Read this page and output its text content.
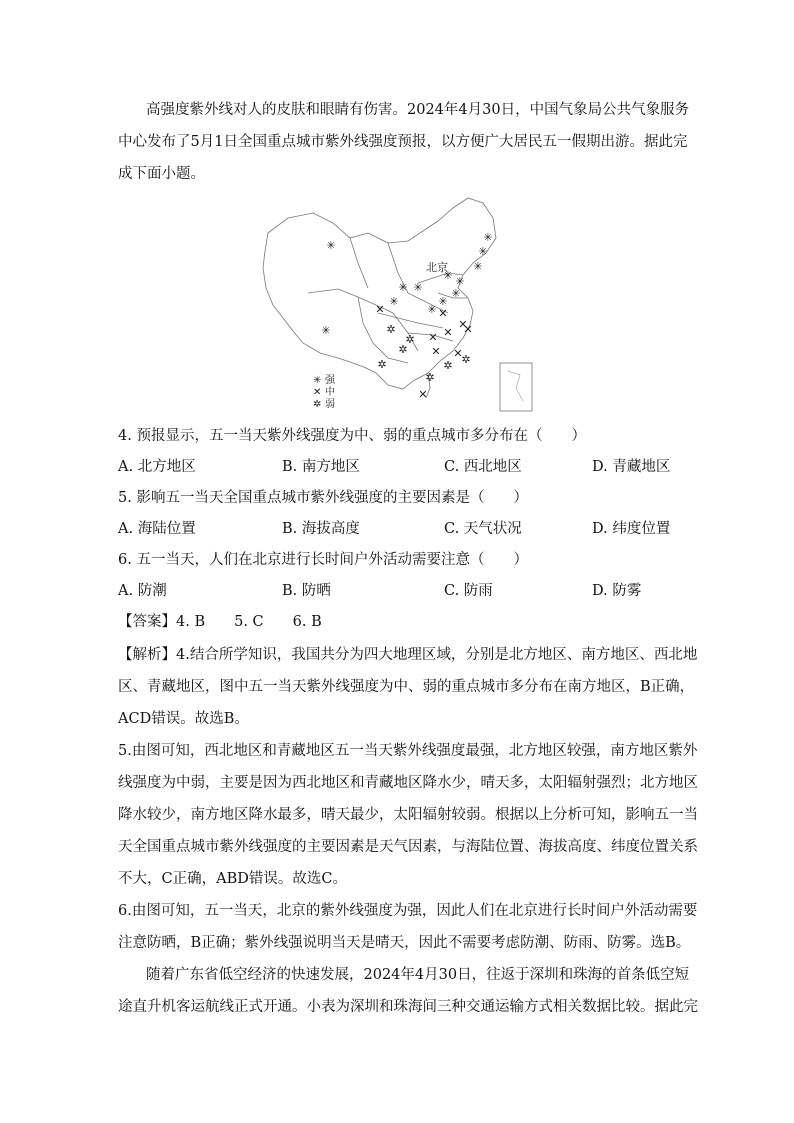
高强度紫外线对人的皮肤和眼睛有伤害。2024年4月30日，中国气象局公共气象服务
中心发布了5月1日全国重点城市紫外线强度预报，以方便广大居民五一假期出游。据此完
成下面小题。
✳
✳
✳
✳
✳
✳
✳
✳
✳
✳
✳
✳
✳
✕	✕
✕
✕
✕
✕
✕ ✕
✕
✲
✲
✲
✲	✲ ✲
✲
北京
✳ 强
✕ 中
✲ 弱
4. 预报显示，五一当天紫外线强度为中、弱的重点城市多分布在（　　）
A. 北方地区	B. 南方地区	C. 西北地区	D. 青藏地区
5. 影响五一当天全国重点城市紫外线强度的主要因素是（　　）
A. 海陆位置	B. 海拔高度	C. 天气状况	D. 纬度位置
6. 五一当天，人们在北京进行长时间户外活动需要注意（　　）
A. 防潮	B. 防晒	C. 防雨	D. 防雾
【答案】4. B　　5. C　　6. B
【解析】4.结合所学知识，我国共分为四大地理区域，分别是北方地区、南方地区、西北地
区、青藏地区，图中五一当天紫外线强度为中、弱的重点城市多分布在南方地区，B正确，
ACD错误。故选B。
5.由图可知，西北地区和青藏地区五一当天紫外线强度最强，北方地区较强，南方地区紫外
线强度为中弱，主要是因为西北地区和青藏地区降水少，晴天多，太阳辐射强烈；北方地区
降水较少，南方地区降水最多，晴天最少，太阳辐射较弱。根据以上分析可知，影响五一当
天全国重点城市紫外线强度的主要因素是天气因素，与海陆位置、海拔高度、纬度位置关系
不大，C正确，ABD错误。故选C。
6.由图可知，五一当天，北京的紫外线强度为强，因此人们在北京进行长时间户外活动需要
注意防晒，B正确；紫外线强说明当天是晴天，因此不需要考虑防潮、防雨、防雾。选B。
随着广东省低空经济的快速发展，2024年4月30日，往返于深圳和珠海的首条低空短
途直升机客运航线正式开通。小表为深圳和珠海间三种交通运输方式相关数据比较。据此完
